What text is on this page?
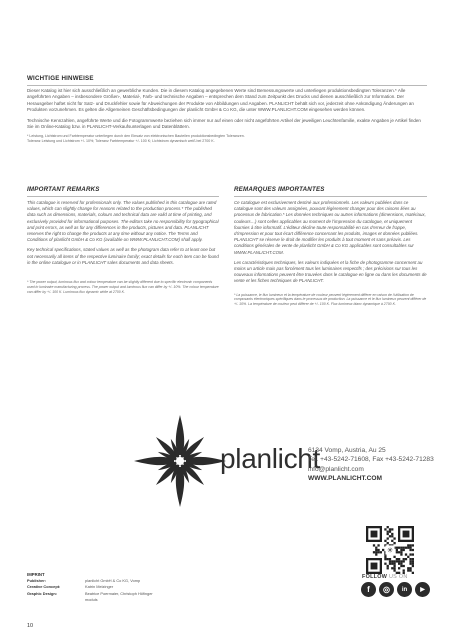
WICHTIGE HINWEISE

Dieser Katalog ist hier sich ausschließlich an gewerbliche Kunden. Die in diesem Katalog angegebenen Werte sind Bemessungswerte und unterliegen produktionsbedingten Toleranzen.* Alle angeführten Angaben – insbesondere Größen-, Material-, Farb- und technische Angaben – entsprechen dem Stand zum Zeitpunkt des Drucks und dienen ausschließlich zur Information. Der Herausgeber haftet nicht für Satz- und Druckfehler sowie für Abweichungen der Produkte von Abbildungen und Angaben. PLANLICHT behält sich vor, jederzeit ohne Ankündigung Änderungen an Produkten vorzunehmen. Es gelten die Allgemeinen Geschäftsbedingungen der planlicht GmbH & Co KG, die unter WWW.PLANLICHT.COM eingesehen werden können.

Technische Kennzahlen, angeführte Werte und die Fotogrammwerte beziehen sich immer nur auf einen oder nicht angeführten Artikel der jeweiligen Leuchtenfamilie, exakte Angaben je Artikel finden Sie im Online-Katalog bzw. in PLANLICHT-Verkaufsunterlagen und Datenblättern.

* Leistung, Lichtstrom und Farbtemperatur unterliegen durch den Einsatz von elektronischen Bauteilen produktionsbedingten Toleranzen.

Toleranz Leistung und Lichtstrom +/- 10%; Toleranz Farbtemperatur +/- 100 K; Lichtstrom dynamisch weiß bei 2700 K.

IMPORTANT REMARKS

This catalogue is reserved for professionals only. The values published in this catalogue are rated values, which can slightly change for reasons related to the production process.* The published data such as dimensions, materials, colours and technical data are valid at time of printing, and exclusively provided for informational purposes. The editors take no responsibility for typographical and print errors, as well as for any differences in the products, pictures and data. PLANLICHT reserves the right to change the products at any time without any notice. The Terms and Conditions of planlicht GmbH & Co KG (available on WWW.PLANLICHT.COM) shall apply.

Key technical specifications, stated values as well as the photogram data refer to at least one but not necessarily all items of the respective luminaire family; exact details for each item can be found in the online catalogue or in PLANLICHT sales documents and data sheets.

* The power output, luminous flux and colour temperature can be slightly different due to specific electronic components used in luminaire manufacturing process. The power output and luminous flux can differ by +/- 10%. The colour temperature can differ by +/- 100 K. Luminous flux dynamic white at 2700 K.

REMARQUES IMPORTANTES

Ce catalogue est exclusivement destiné aux professionnels. Les valeurs publiées dans ce catalogue sont des valeurs assignées, pouvant légèrement changer pour des raisons liées au processus de fabrication.* Les données techniques ou autres informations (dimensions, matériaux, couleurs…) sont celles applicables au moment de l’impression du catalogue, et uniquement fournies à titre informatif. L’éditeur décline toute responsabilité en cas d’erreur de frappe, d’impression et pour tout écart différence concernant les produits, images et données publiées. PLANLICHT se réserve le droit de modifier les produits à tout moment et sans préavis. Les conditions générales de vente de planlicht GmbH & Co KG applicables sont consultables sur WWW.PLANLICHT.COM.

Les caractéristiques techniques, les valeurs indiquées et la fiche de photogramme concernent au moins un article mais pas forcément tous les luminaires respectifs ; des précisions sur tous les nouveaux informations peuvent être trouvées dans le catalogue en ligne ou dans les documents de vente et les fiches techniques de PLANLICHT.

* La puissance, le flux lumineux et la température de couleur peuvent légèrement différer en raison de l’utilisation de composants électroniques spécifiques dans le processus de production. La puissance et le flux lumineux peuvent différer de +/- 10%. La température de couleur peut différer de +/- 100 K. Flux lumineux blanc dynamique à 2700 K.

planlicht
6134 Vomp, Austria, Au 25
Tel. +43-5242-71608, Fax +43-5242-71283
info@planlicht.com
WWW.PLANLICHT.COM
✳
FOLLOW US ON
f	◎	in	▶
IMPRINT
Publisher:	planlicht GmbH & Co KG, Vomp
Creative Concept:	Katrin Melzinger
Graphic Design:	Beatrice Poermaier, Christoph Höfinger
moduls
10
